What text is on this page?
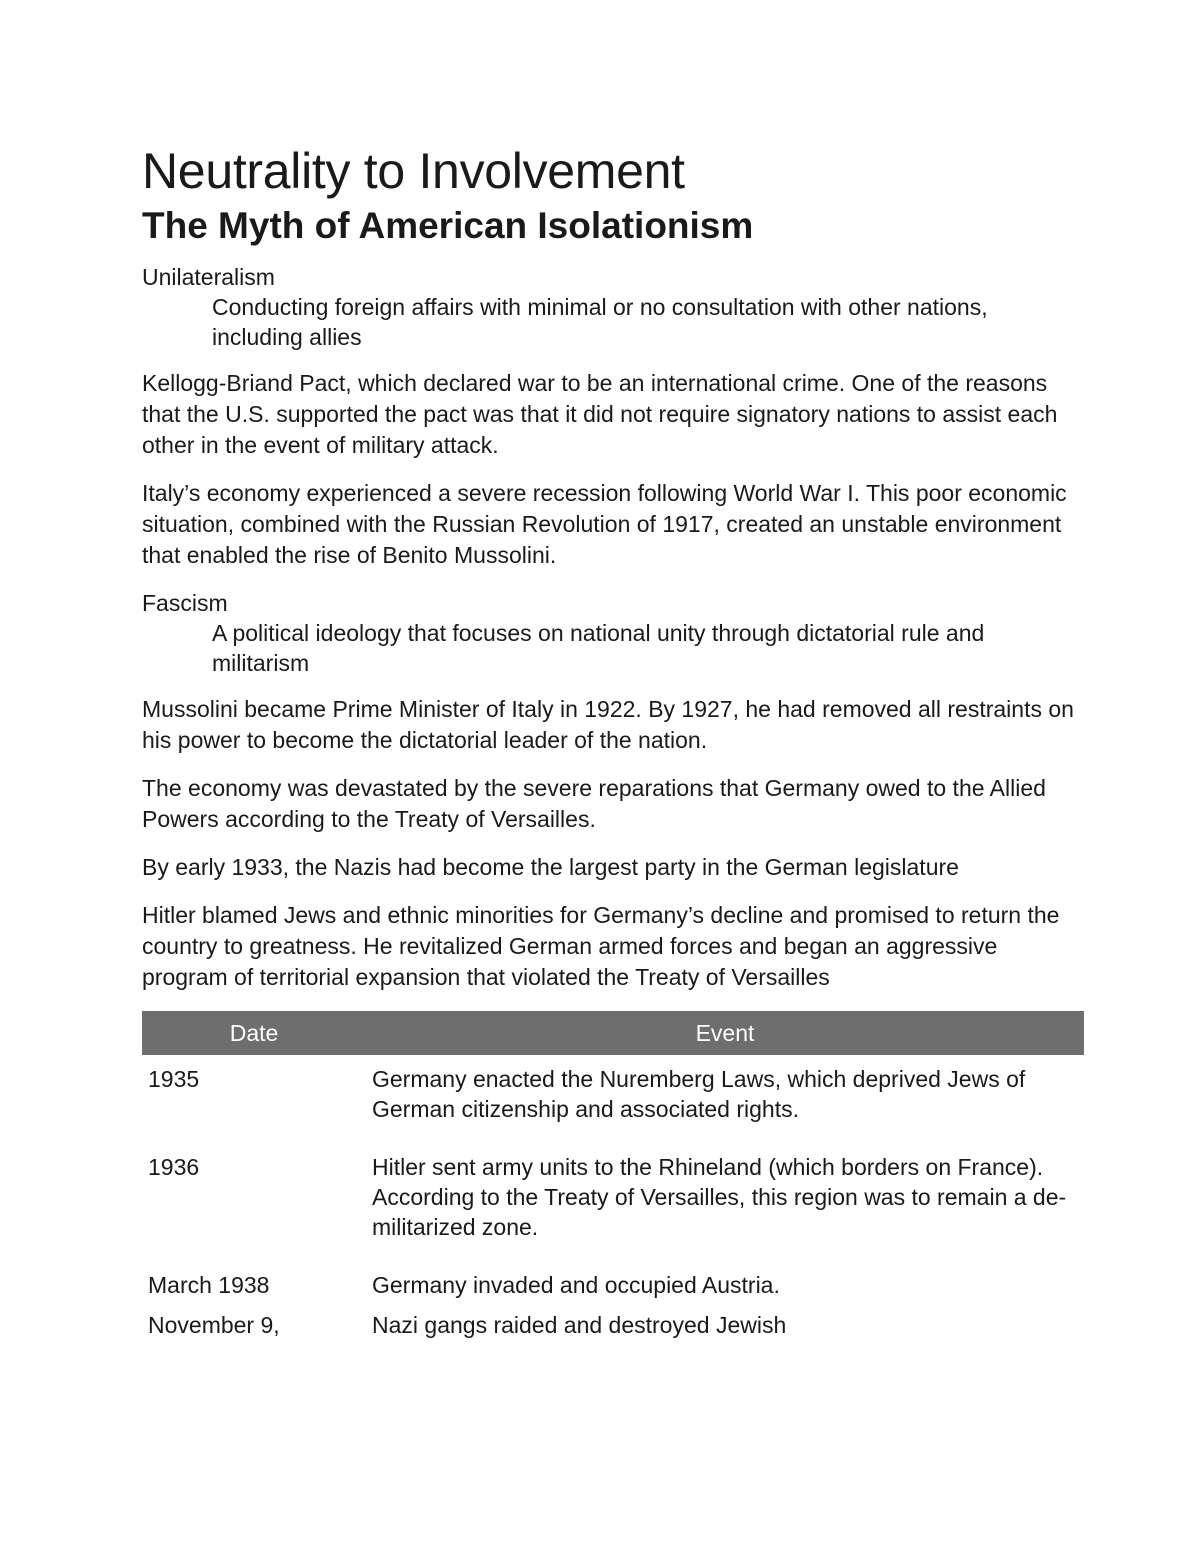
Neutrality to Involvement
The Myth of American Isolationism

Unilateralism

Conducting foreign affairs with minimal or no consultation with other nations, including allies

Kellogg-Briand Pact, which declared war to be an international crime. One of the reasons that the U.S. supported the pact was that it did not require signatory nations to assist each other in the event of military attack.

Italy’s economy experienced a severe recession following World War I. This poor economic situation, combined with the Russian Revolution of 1917, created an unstable environment that enabled the rise of Benito Mussolini.

Fascism

A political ideology that focuses on national unity through dictatorial rule and militarism

Mussolini became Prime Minister of Italy in 1922. By 1927, he had removed all restraints on his power to become the dictatorial leader of the nation.

The economy was devastated by the severe reparations that Germany owed to the Allied Powers according to the Treaty of Versailles.

By early 1933, the Nazis had become the largest party in the German legislature

Hitler blamed Jews and ethnic minorities for Germany’s decline and promised to return the country to greatness. He revitalized German armed forces and began an aggressive program of territorial expansion that violated the Treaty of Versailles

Date	Event
1935	Germany enacted the Nuremberg Laws, which deprived Jews of German citizenship and associated rights.
1936	Hitler sent army units to the Rhineland (which borders on France). According to the Treaty of Versailles, this region was to remain a de-militarized zone.
March 1938	Germany invaded and occupied Austria.
November 9,	Nazi gangs raided and destroyed Jewish
